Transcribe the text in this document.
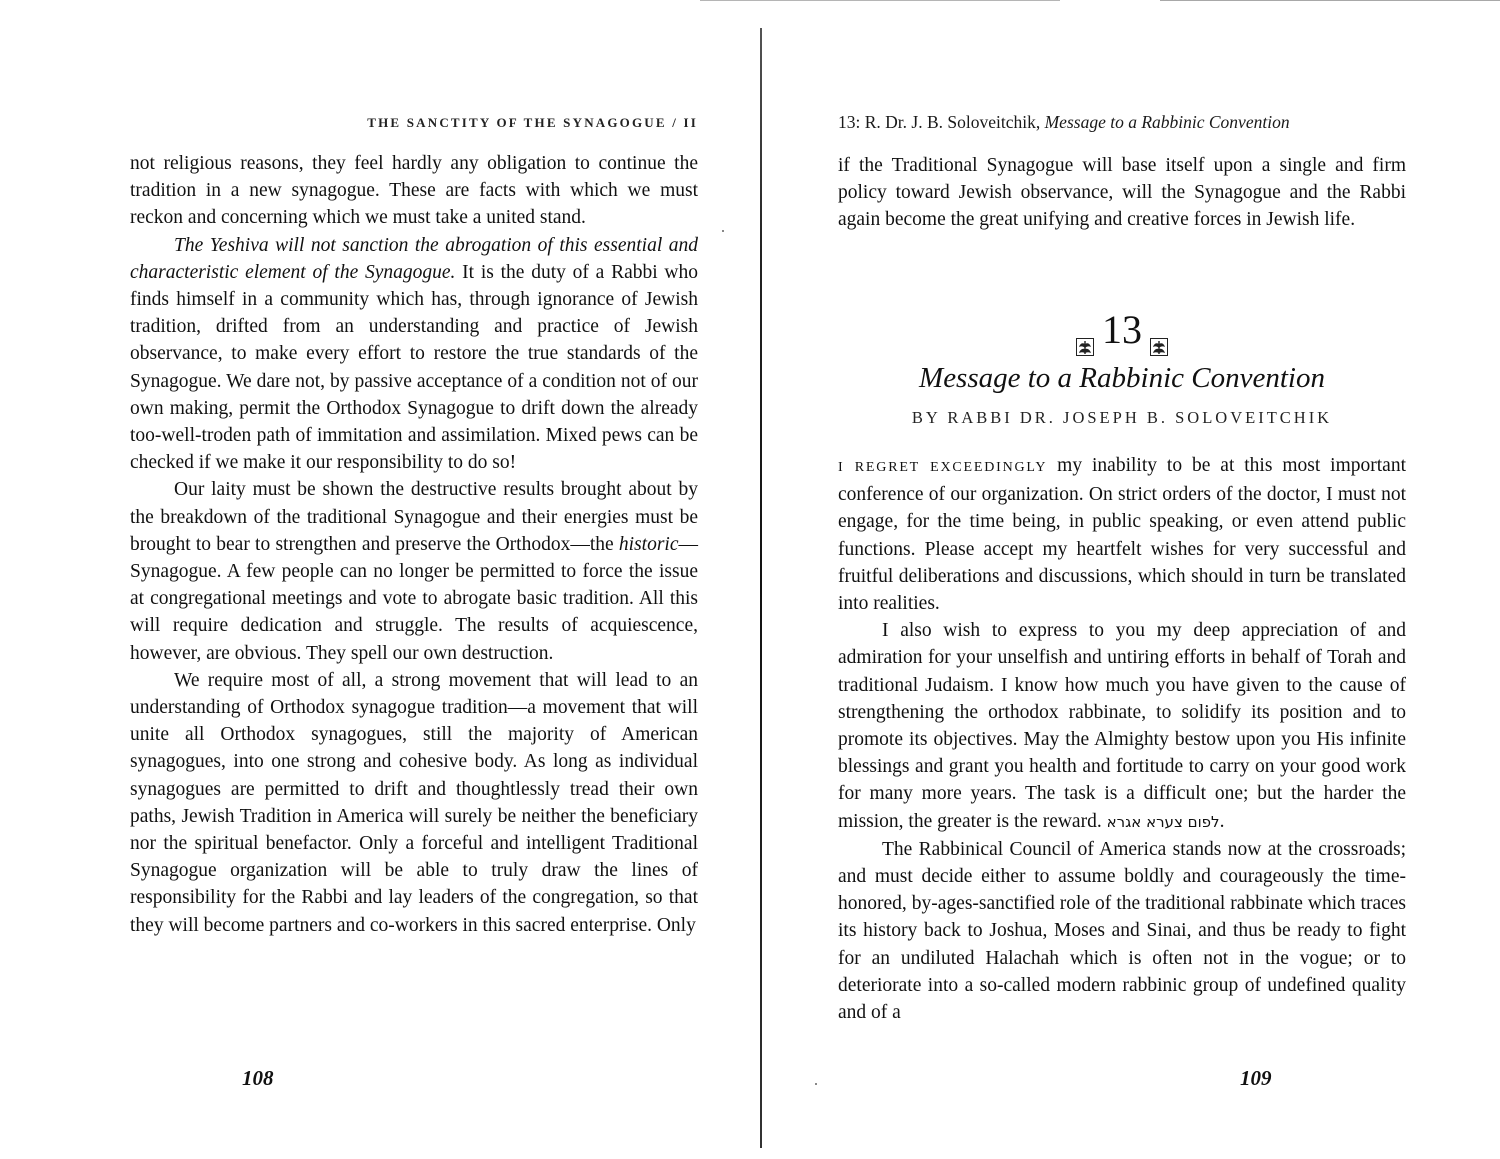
THE SANCTITY OF THE SYNAGOGUE / II

not religious reasons, they feel hardly any obligation to continue the tradition in a new synagogue. These are facts with which we must reckon and concerning which we must take a united stand.

The Yeshiva will not sanction the abrogation of this essential and characteristic element of the Synagogue. It is the duty of a Rabbi who finds himself in a community which has, through ignorance of Jewish tradition, drifted from an understanding and practice of Jewish observance, to make every effort to restore the true standards of the Synagogue. We dare not, by passive acceptance of a condition not of our own making, permit the Orthodox Synagogue to drift down the already too-well-troden path of immitation and assimilation. Mixed pews can be checked if we make it our responsibility to do so!

Our laity must be shown the destructive results brought about by the breakdown of the traditional Synagogue and their energies must be brought to bear to strengthen and preserve the Orthodox—the historic—Synagogue. A few people can no longer be permitted to force the issue at congregational meetings and vote to abrogate basic tradition. All this will require dedication and struggle. The results of acquiescence, however, are obvious. They spell our own destruction.

We require most of all, a strong movement that will lead to an understanding of Orthodox synagogue tradition—a movement that will unite all Orthodox synagogues, still the majority of American synagogues, into one strong and cohesive body. As long as individual synagogues are permitted to drift and thoughtlessly tread their own paths, Jewish Tradition in America will surely be neither the beneficiary nor the spiritual benefactor. Only a forceful and intelligent Traditional Synagogue organization will be able to truly draw the lines of responsibility for the Rabbi and lay leaders of the congregation, so that they will become partners and co-workers in this sacred enterprise. Only

108
13: R. Dr. J. B. Soloveitchik, Message to a Rabbinic Convention

if the Traditional Synagogue will base itself upon a single and firm policy toward Jewish observance, will the Synagogue and the Rabbi again become the great unifying and creative forces in Jewish life.

13
Message to a Rabbinic Convention
BY RABBI DR. JOSEPH B. SOLOVEITCHIK

I REGRET EXCEEDINGLY my inability to be at this most important conference of our organization. On strict orders of the doctor, I must not engage, for the time being, in public speaking, or even attend public functions. Please accept my heartfelt wishes for very successful and fruitful deliberations and discussions, which should in turn be translated into realities.

I also wish to express to you my deep appreciation of and admiration for your unselfish and untiring efforts in behalf of Torah and traditional Judaism. I know how much you have given to the cause of strengthening the orthodox rabbinate, to solidify its position and to promote its objectives. May the Almighty bestow upon you His infinite blessings and grant you health and fortitude to carry on your good work for many more years. The task is a difficult one; but the harder the mission, the greater is the reward. לפום צערא אגרא.

The Rabbinical Council of America stands now at the crossroads; and must decide either to assume boldly and courageously the time-honored, by-ages-sanctified role of the traditional rabbinate which traces its history back to Joshua, Moses and Sinai, and thus be ready to fight for an undiluted Halachah which is often not in the vogue; or to deteriorate into a so-called modern rabbinic group of undefined quality and of a

109
